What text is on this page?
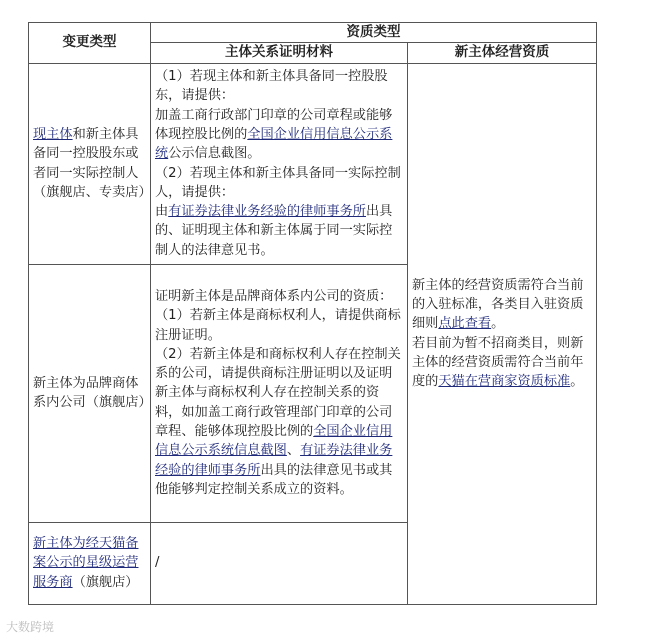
变更类型	资质类型	
	主体关系证明材料	新主体经营资质
现主体和新主体具备同一控股股东或者同一实际控制人（旗舰店、专卖店）	（1）若现主体和新主体具备同一控股股东，请提供：
加盖工商行政部门印章的公司章程或能够体现控股比例的全国企业信用信息公示系统公示信息截图。
（2）若现主体和新主体具备同一实际控制人，请提供：
由有证券法律业务经验的律师事务所出具的、证明现主体和新主体属于同一实际控制人的法律意见书。	新主体的经营资质需符合当前的入驻标准，各类目入驻资质细则点此查看。
若目前为暂不招商类目，则新主体的经营资质需符合当前年度的天猫在营商家资质标准。

新主体为品牌商体系内公司（旗舰店）	证明新主体是品牌商体系内公司的资质：
（1）若新主体是商标权利人，请提供商标注册证明。
（2）若新主体是和商标权利人存在控制关系的公司，请提供商标注册证明以及证明新主体与商标权利人存在控制关系的资料，如加盖工商行政管理部门印章的公司章程、能够体现控股比例的全国企业信用信息公示系统信息截图、有证券法律业务经验的律师事务所出具的法律意见书或其他能够判定控制关系成立的资料。	

新主体为经天猫备案公示的星级运营服务商（旗舰店）	/	
大数跨境
